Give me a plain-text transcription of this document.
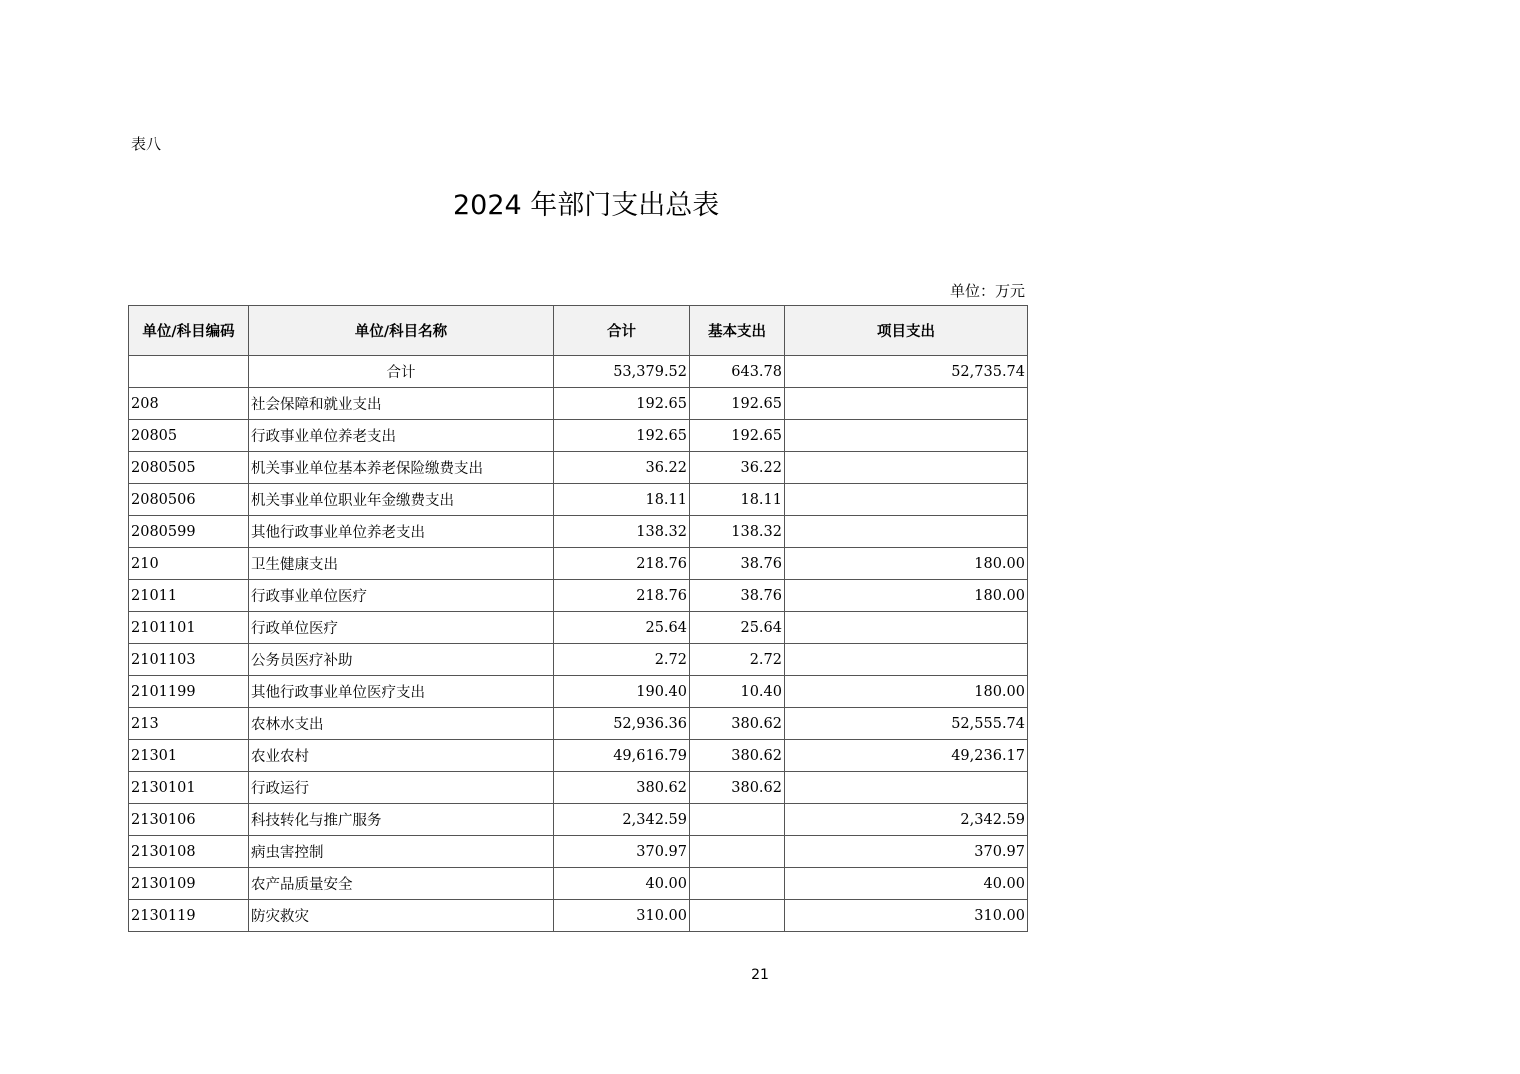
表八
2024 年部门支出总表
单位：万元
单位/科目编码	单位/科目名称	合计	基本支出	项目支出
	合计	53,379.52	643.78	52,735.74
208	社会保障和就业支出	192.65	192.65	
20805	行政事业单位养老支出	192.65	192.65	
2080505	机关事业单位基本养老保险缴费支出	36.22	36.22	
2080506	机关事业单位职业年金缴费支出	18.11	18.11	
2080599	其他行政事业单位养老支出	138.32	138.32	
210	卫生健康支出	218.76	38.76	180.00
21011	行政事业单位医疗	218.76	38.76	180.00
2101101	行政单位医疗	25.64	25.64	
2101103	公务员医疗补助	2.72	2.72	
2101199	其他行政事业单位医疗支出	190.40	10.40	180.00
213	农林水支出	52,936.36	380.62	52,555.74
21301	农业农村	49,616.79	380.62	49,236.17
2130101	行政运行	380.62	380.62	
2130106	科技转化与推广服务	2,342.59		2,342.59
2130108	病虫害控制	370.97		370.97
2130109	农产品质量安全	40.00		40.00
2130119	防灾救灾	310.00		310.00
21
